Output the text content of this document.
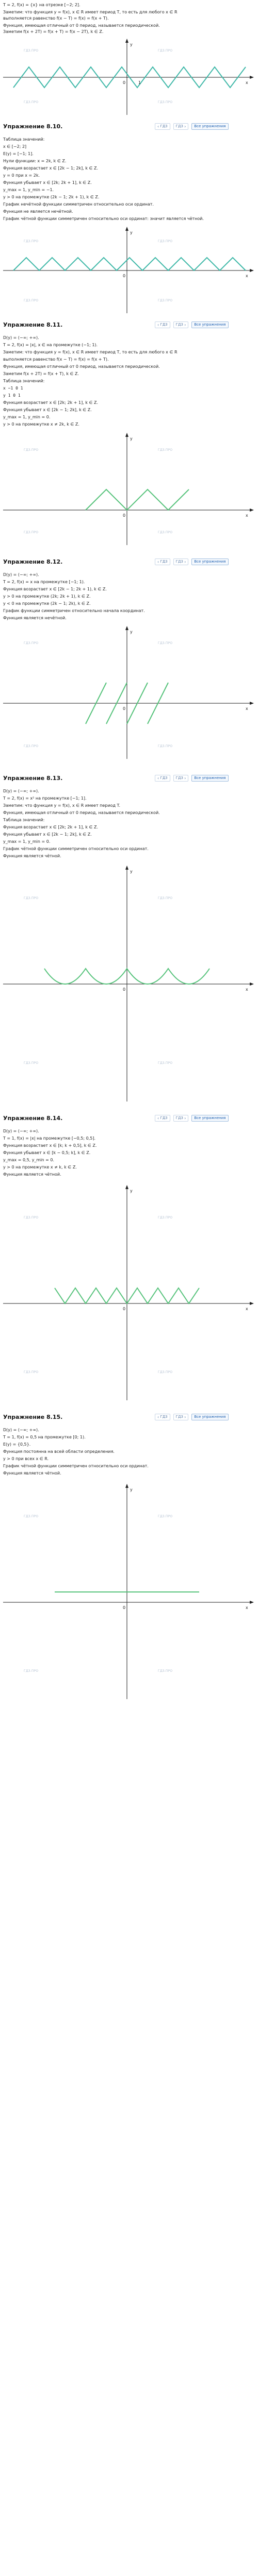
T = 2, f(x) = {x} на отрезке [−2; 2].
Заметим: что функция y = f(x), x ∈ R имеет период T, то есть для любого x ∈ R
выполняется равенство f(x − T) = f(x) = f(x + T).
Функция, имеющая отличный от 0 период, называется периодической.
Заметим f(x + 2T) = f(x + T) = f(x − 2T), k ∈ Z.
0	1	x
y
ГДЗ.ПРО	ГДЗ.ПРО
ГДЗ.ПРО	ГДЗ.ПРО
Упражнение 8.10.	‹
ГДЗ ГДЗ
›	Все упражнения
Таблица значений:
x ∈ [−2; 2]
E(y) = [−1; 1].
Нули функции: x = 2k, k ∈ Z.
Функция возрастает x ∈ [2k − 1; 2k], k ∈ Z.
y = 0 при x = 2k.
Функция убывает x ∈ [2k; 2k + 1], k ∈ Z.
y_max = 1, y_min = −1.
y > 0 на промежутке (2k − 1; 2k + 1), k ∈ Z.
График нечётной функции симметричен относительно оси ординат.
Функция не является нечётной.
График чётной функции симметричен относительно оси ординат: значит является чётной.
0	x
y
ГДЗ.ПРО	ГДЗ.ПРО
ГДЗ.ПРО	ГДЗ.ПРО
Упражнение 8.11.	‹
ГДЗ ГДЗ
›	Все упражнения
D(y) = (−∞; +∞).
T = 2, f(x) = |x|, x ∈ на промежутке (−1; 1).
Заметим: что функция y = f(x), x ∈ R имеет период T, то есть для любого x ∈ R
выполняется равенство f(x − T) = f(x) = f(x + T).
Функция, имеющая отличный от 0 период, называется периодической.
Заметим f(x + 2T) = f(x + T), k ∈ Z.
Таблица значений:
x −1 0 1
y 1 0 1
Функция возрастает x ∈ [2k; 2k + 1], k ∈ Z.
Функция убывает x ∈ [2k − 1; 2k], k ∈ Z.
y_max = 1, y_min = 0.
y > 0 на промежутке x ≠ 2k, k ∈ Z.
0	x
y
ГДЗ.ПРО	ГДЗ.ПРО
ГДЗ.ПРО	ГДЗ.ПРО
Упражнение 8.12.	‹
ГДЗ ГДЗ
›	Все упражнения
D(y) = (−∞; +∞).
T = 2, f(x) = x на промежутке [−1; 1).
Функция возрастает x ∈ [2k − 1; 2k + 1), k ∈ Z.
y > 0 на промежутке (2k; 2k + 1), k ∈ Z.
y < 0 на промежутке (2k − 1; 2k), k ∈ Z.
График функции симметричен относительно начала координат.
Функция является нечётной.
0	x
y
ГДЗ.ПРО	ГДЗ.ПРО
ГДЗ.ПРО	ГДЗ.ПРО
Упражнение 8.13.	‹
ГДЗ ГДЗ
›	Все упражнения
D(y) = (−∞; +∞).
T = 2, f(x) = x² на промежутке [−1; 1].
Заметим: что функция y = f(x), x ∈ R имеет период T.
Функция, имеющая отличный от 0 период, называется периодической.
Таблица значений:
Функция возрастает x ∈ [2k; 2k + 1], k ∈ Z.
Функция убывает x ∈ [2k − 1; 2k], k ∈ Z.
y_max = 1, y_min = 0.
График чётной функции симметричен относительно оси ординат.
Функция является чётной.
0	x
y
ГДЗ.ПРО	ГДЗ.ПРО
ГДЗ.ПРО	ГДЗ.ПРО
Упражнение 8.14.	‹
ГДЗ ГДЗ
›	Все упражнения
D(y) = (−∞; +∞).
T = 1, f(x) = |x| на промежутке [−0,5; 0,5].
Функция возрастает x ∈ [k; k + 0,5], k ∈ Z.
Функция убывает x ∈ [k − 0,5; k], k ∈ Z.
y_max = 0,5, y_min = 0.
y > 0 на промежутке x ≠ k, k ∈ Z.
Функция является чётной.
0	x
y
ГДЗ.ПРО	ГДЗ.ПРО
ГДЗ.ПРО	ГДЗ.ПРО
Упражнение 8.15.	‹
ГДЗ ГДЗ
›	Все упражнения
D(y) = (−∞; +∞).
T = 1, f(x) = 0,5 на промежутке [0; 1).
E(y) = {0,5}.
Функция постоянна на всей области определения.
y > 0 при всех x ∈ R.
График чётной функции симметричен относительно оси ординат.
Функция является чётной.
0	x
y
ГДЗ.ПРО	ГДЗ.ПРО
ГДЗ.ПРО	ГДЗ.ПРО
